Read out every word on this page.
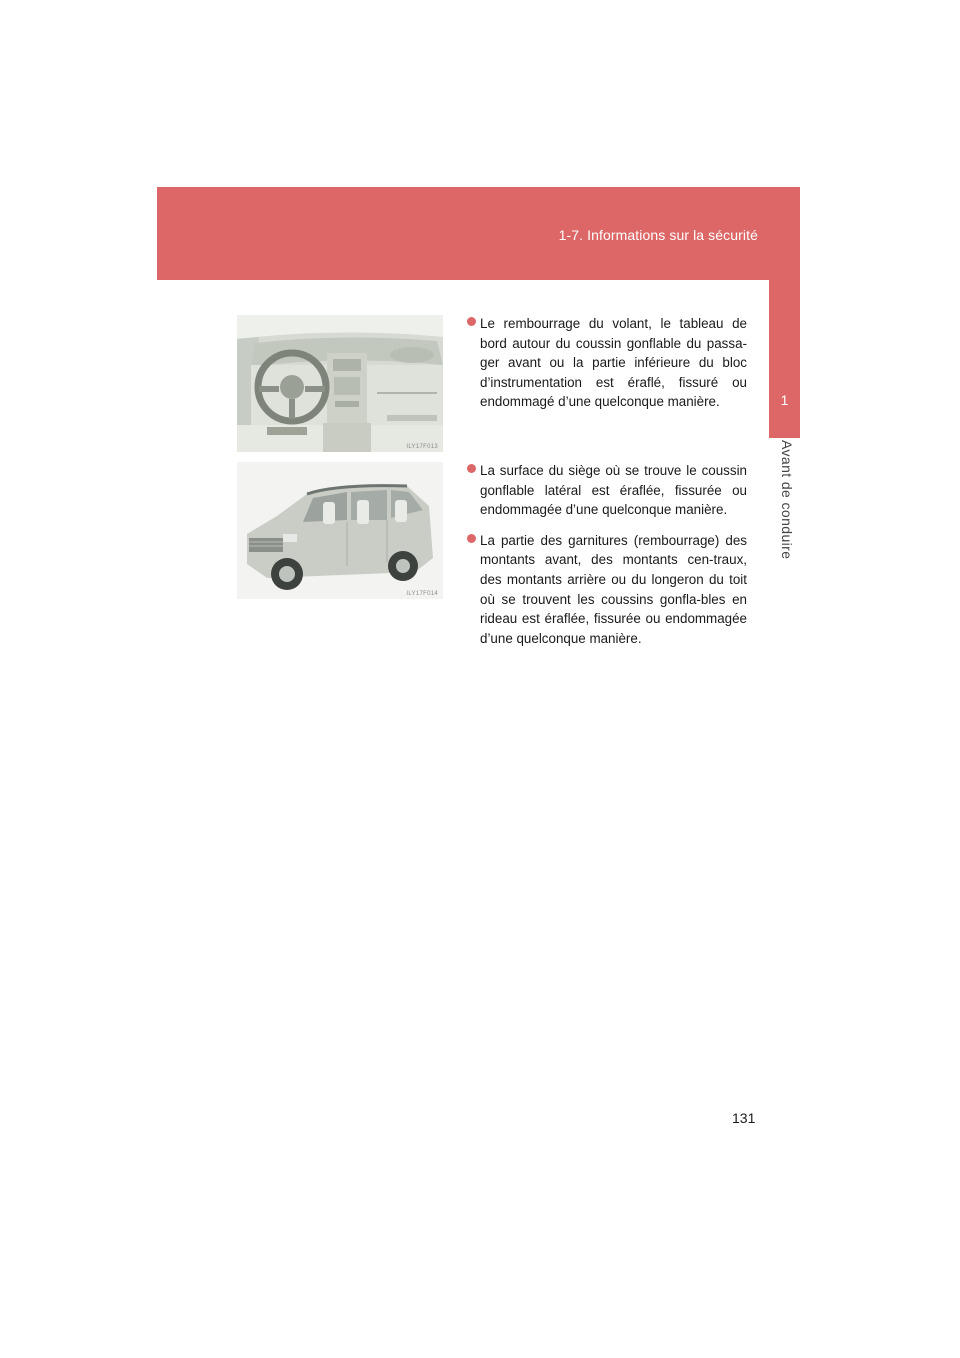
1-7. Informations sur la sécurité
1
Avant de conduire
ILY17F013
ILY17F014
Le rembourrage du volant, le tableau de bord autour du coussin gonflable du passa-ger avant ou la partie inférieure du bloc d’instrumentation est éraflé, fissuré ou endommagé d’une quelconque manière.
La surface du siège où se trouve le coussin gonflable latéral est éraflée, fissurée ou endommagée d’une quelconque manière.
La partie des garnitures (rembourrage) des montants avant, des montants cen-traux, des montants arrière ou du longeron du toit où se trouvent les coussins gonfla-bles en rideau est éraflée, fissurée ou endommagée d’une quelconque manière.
131
